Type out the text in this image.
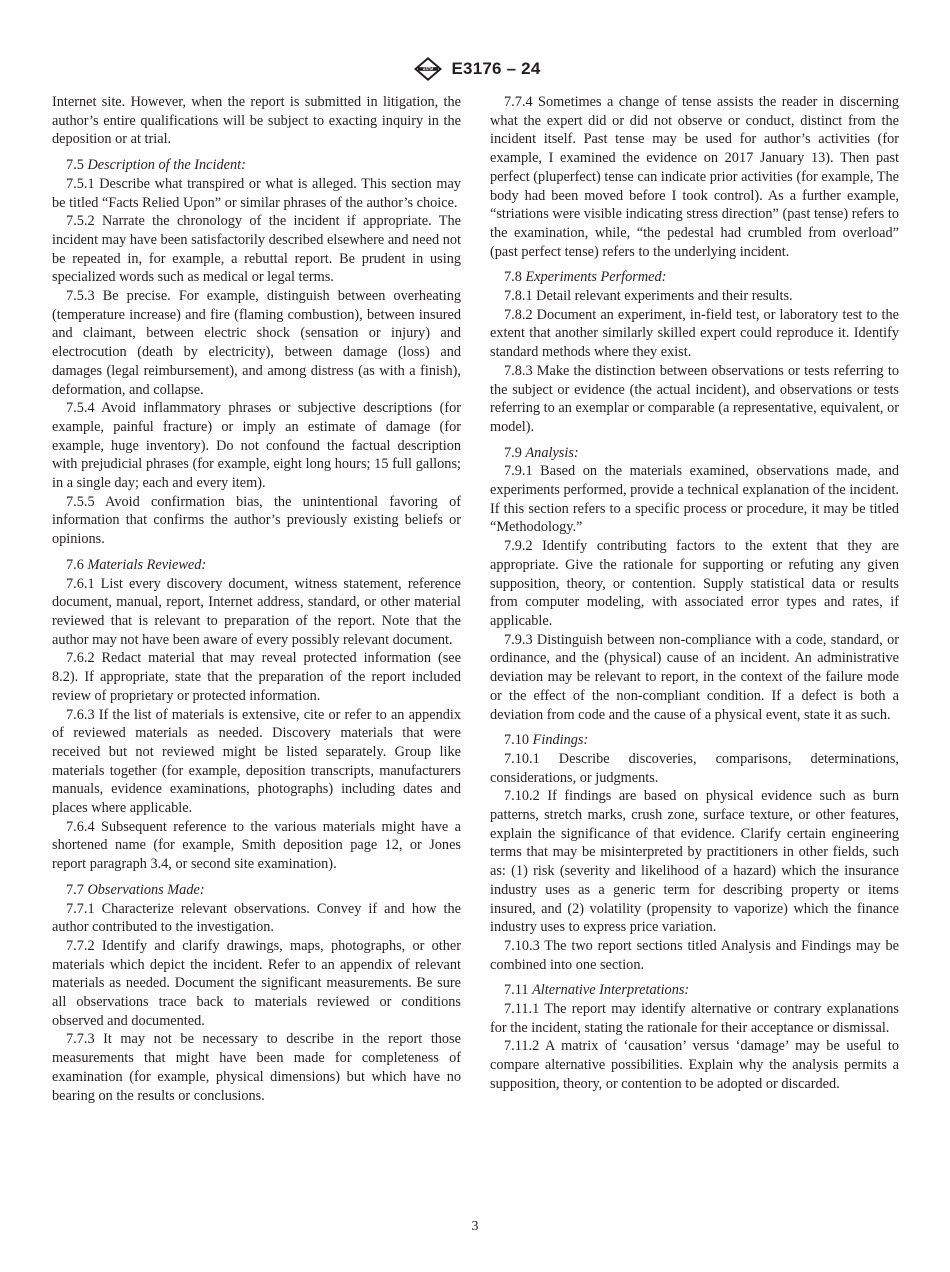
ASTM E3176 – 24

Internet site. However, when the report is submitted in litigation, the author’s entire qualifications will be subject to exacting inquiry in the deposition or at trial.

7.5 Description of the Incident:

7.5.1 Describe what transpired or what is alleged. This section may be titled “Facts Relied Upon” or similar phrases of the author’s choice.

7.5.2 Narrate the chronology of the incident if appropriate. The incident may have been satisfactorily described elsewhere and need not be repeated in, for example, a rebuttal report. Be prudent in using specialized words such as medical or legal terms.

7.5.3 Be precise. For example, distinguish between overheating (temperature increase) and fire (flaming combustion), between insured and claimant, between electric shock (sensation or injury) and electrocution (death by electricity), between damage (loss) and damages (legal reimbursement), and among distress (as with a finish), deformation, and collapse.

7.5.4 Avoid inflammatory phrases or subjective descriptions (for example, painful fracture) or imply an estimate of damage (for example, huge inventory). Do not confound the factual description with prejudicial phrases (for example, eight long hours; 15 full gallons; in a single day; each and every item).

7.5.5 Avoid confirmation bias, the unintentional favoring of information that confirms the author’s previously existing beliefs or opinions.

7.6 Materials Reviewed:

7.6.1 List every discovery document, witness statement, reference document, manual, report, Internet address, standard, or other material reviewed that is relevant to preparation of the report. Note that the author may not have been aware of every possibly relevant document.

7.6.2 Redact material that may reveal protected information (see 8.2). If appropriate, state that the preparation of the report included review of proprietary or protected information.

7.6.3 If the list of materials is extensive, cite or refer to an appendix of reviewed materials as needed. Discovery materials that were received but not reviewed might be listed separately. Group like materials together (for example, deposition transcripts, manufacturers manuals, evidence examinations, photographs) including dates and places where applicable.

7.6.4 Subsequent reference to the various materials might have a shortened name (for example, Smith deposition page 12, or Jones report paragraph 3.4, or second site examination).

7.7 Observations Made:

7.7.1 Characterize relevant observations. Convey if and how the author contributed to the investigation.

7.7.2 Identify and clarify drawings, maps, photographs, or other materials which depict the incident. Refer to an appendix of relevant materials as needed. Document the significant measurements. Be sure all observations trace back to materials reviewed or conditions observed and documented.

7.7.3 It may not be necessary to describe in the report those measurements that might have been made for completeness of examination (for example, physical dimensions) but which have no bearing on the results or conclusions.

7.7.4 Sometimes a change of tense assists the reader in discerning what the expert did or did not observe or conduct, distinct from the incident itself. Past tense may be used for author’s activities (for example, I examined the evidence on 2017 January 13). Then past perfect (pluperfect) tense can indicate prior activities (for example, The body had been moved before I took control). As a further example, “striations were visible indicating stress direction” (past tense) refers to the examination, while, “the pedestal had crumbled from overload” (past perfect tense) refers to the underlying incident.

7.8 Experiments Performed:

7.8.1 Detail relevant experiments and their results.

7.8.2 Document an experiment, in-field test, or laboratory test to the extent that another similarly skilled expert could reproduce it. Identify standard methods where they exist.

7.8.3 Make the distinction between observations or tests referring to the subject or evidence (the actual incident), and observations or tests referring to an exemplar or comparable (a representative, equivalent, or model).

7.9 Analysis:

7.9.1 Based on the materials examined, observations made, and experiments performed, provide a technical explanation of the incident. If this section refers to a specific process or procedure, it may be titled “Methodology.”

7.9.2 Identify contributing factors to the extent that they are appropriate. Give the rationale for supporting or refuting any given supposition, theory, or contention. Supply statistical data or results from computer modeling, with associated error types and rates, if applicable.

7.9.3 Distinguish between non-compliance with a code, standard, or ordinance, and the (physical) cause of an incident. An administrative deviation may be relevant to report, in the context of the failure mode or the effect of the non-compliant condition. If a defect is both a deviation from code and the cause of a physical event, state it as such.

7.10 Findings:

7.10.1 Describe discoveries, comparisons, determinations, considerations, or judgments.

7.10.2 If findings are based on physical evidence such as burn patterns, stretch marks, crush zone, surface texture, or other features, explain the significance of that evidence. Clarify certain engineering terms that may be misinterpreted by practitioners in other fields, such as: (1) risk (severity and likelihood of a hazard) which the insurance industry uses as a generic term for describing property or items insured, and (2) volatility (propensity to vaporize) which the finance industry uses to express price variation.

7.10.3 The two report sections titled Analysis and Findings may be combined into one section.

7.11 Alternative Interpretations:

7.11.1 The report may identify alternative or contrary explanations for the incident, stating the rationale for their acceptance or dismissal.

7.11.2 A matrix of ‘causation’ versus ‘damage’ may be useful to compare alternative possibilities. Explain why the analysis permits a supposition, theory, or contention to be adopted or discarded.

3
